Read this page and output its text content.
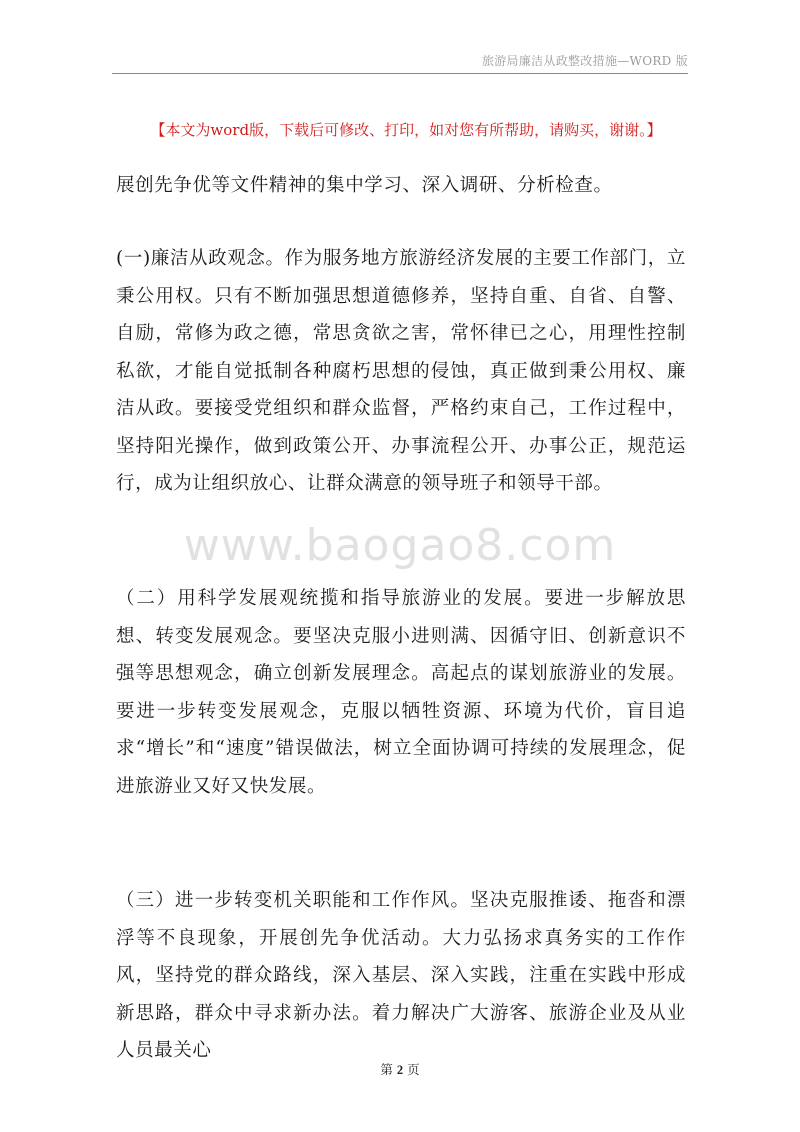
旅游局廉洁从政整改措施—WORD 版
【本文为word版，下载后可修改、打印，如对您有所帮助，请购买，谢谢。】
展创先争优等文件精神的集中学习、深入调研、分析检查。
(一)廉洁从政观念。作为服务地方旅游经济发展的主要工作部门，立秉公用权。只有不断加强思想道德修养，坚持自重、自省、自警、自励，常修为政之德，常思贪欲之害，常怀律已之心，用理性控制私欲，才能自觉抵制各种腐朽思想的侵蚀，真正做到秉公用权、廉洁从政。要接受党组织和群众监督，严格约束自己，工作过程中，坚持阳光操作，做到政策公开、办事流程公开、办事公正，规范运行，成为让组织放心、让群众满意的领导班子和领导干部。
www.baogao8.com
（二）用科学发展观统揽和指导旅游业的发展。要进一步解放思想、转变发展观念。要坚决克服小进则满、因循守旧、创新意识不强等思想观念，确立创新发展理念。高起点的谋划旅游业的发展。要进一步转变发展观念，克服以牺牲资源、环境为代价，盲目追求“增长”和“速度”错误做法，树立全面协调可持续的发展理念，促进旅游业又好又快发展。
（三）进一步转变机关职能和工作作风。坚决克服推诿、拖沓和漂浮等不良现象，开展创先争优活动。大力弘扬求真务实的工作作风，坚持党的群众路线，深入基层、深入实践，注重在实践中形成新思路，群众中寻求新办法。着力解决广大游客、旅游企业及从业人员最关心
第 2 页
